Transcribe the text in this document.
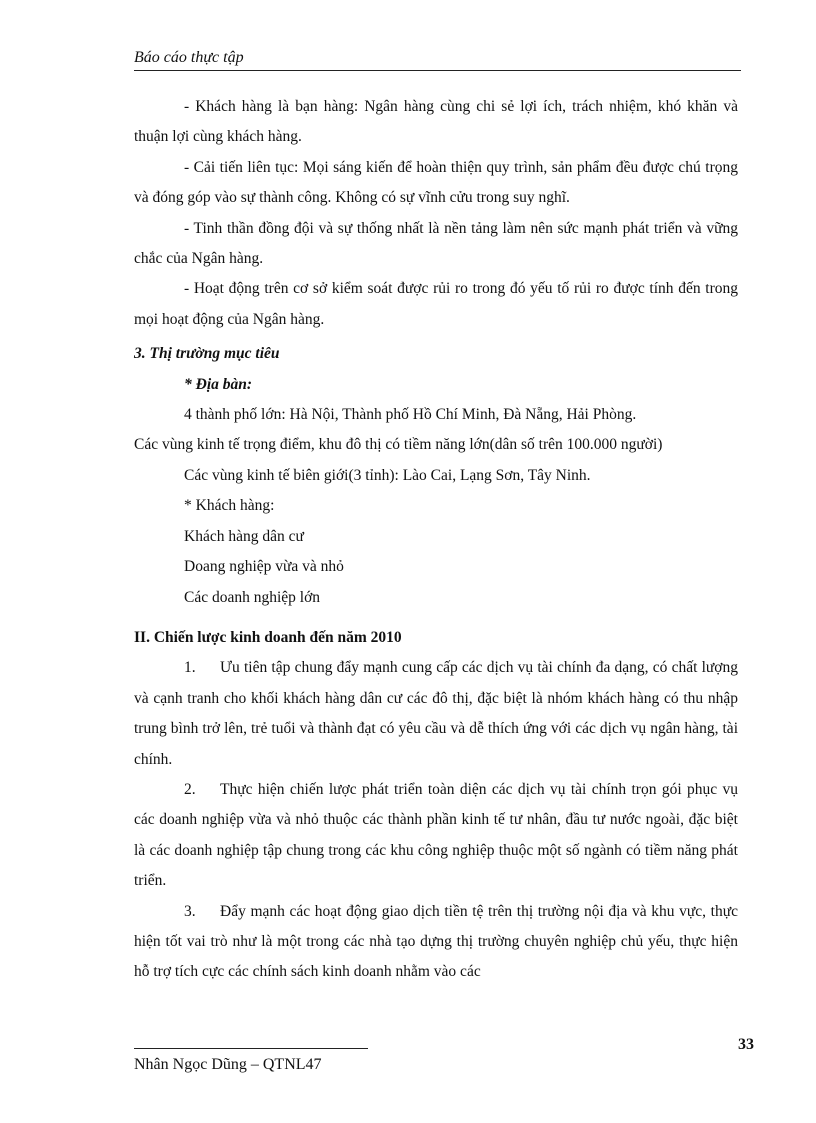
Báo cáo thực tập

- Khách hàng là bạn hàng: Ngân hàng cùng chi sẻ lợi ích, trách nhiệm, khó khăn và thuận lợi cùng khách hàng.

- Cải tiến liên tục: Mọi sáng kiến để hoàn thiện quy trình, sản phẩm đều được chú trọng và đóng góp vào sự thành công. Không có sự vĩnh cửu trong suy nghĩ.

- Tinh thần đồng đội và sự thống nhất là nền tảng làm nên sức mạnh phát triển và vững chắc của Ngân hàng.

- Hoạt động trên cơ sở kiểm soát được rủi ro trong đó yếu tố rủi ro được tính đến trong mọi hoạt động của Ngân hàng.

3. Thị trường mục tiêu
* Địa bàn:

4 thành phố lớn: Hà Nội, Thành phố Hồ Chí Minh, Đà Nẵng, Hải Phòng.

Các vùng kinh tế trọng điểm, khu đô thị có tiềm năng lớn(dân số trên 100.000 người)

Các vùng kinh tế biên giới(3 tỉnh): Lào Cai, Lạng Sơn, Tây Ninh.

* Khách hàng:

Khách hàng dân cư

Doang nghiệp vừa và nhỏ

Các doanh nghiệp lớn

II. Chiến lược kinh doanh đến năm 2010

1. Ưu tiên tập chung đẩy mạnh cung cấp các dịch vụ tài chính đa dạng, có chất lượng và cạnh tranh cho khối khách hàng dân cư các đô thị, đặc biệt là nhóm khách hàng có thu nhập trung bình trở lên, trẻ tuổi và thành đạt có yêu cầu và dễ thích ứng với các dịch vụ ngân hàng, tài chính.

2. Thực hiện chiến lược phát triển toàn diện các dịch vụ tài chính trọn gói phục vụ các doanh nghiệp vừa và nhỏ thuộc các thành phần kinh tế tư nhân, đầu tư nước ngoài, đặc biệt là các doanh nghiệp tập chung trong các khu công nghiệp thuộc một số ngành có tiềm năng phát triển.

3. Đẩy mạnh các hoạt động giao dịch tiền tệ trên thị trường nội địa và khu vực, thực hiện tốt vai trò như là một trong các nhà tạo dựng thị trường chuyên nghiệp chủ yếu, thực hiện hỗ trợ tích cực các chính sách kinh doanh nhằm vào các

33
Nhân Ngọc Dũng – QTNL47
